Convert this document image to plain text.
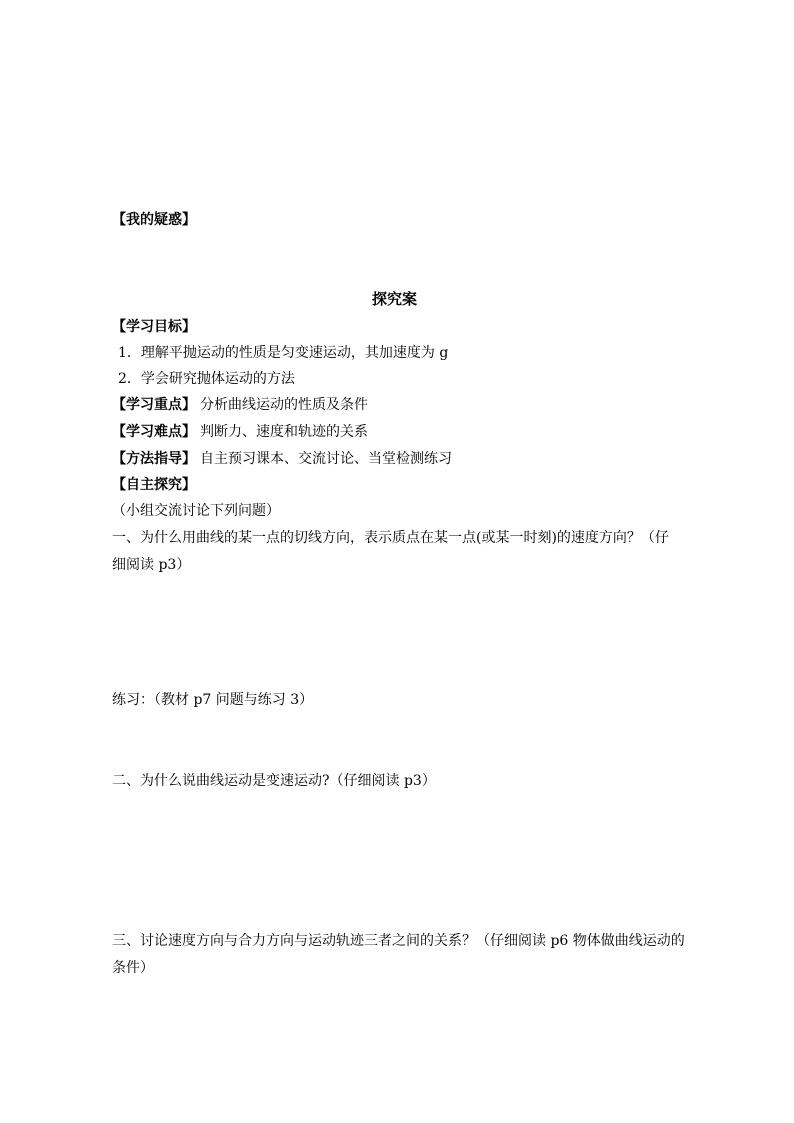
【我的疑惑】
探究案
【学习目标】
1．理解平抛运动的性质是匀变速运动，其加速度为 g
2．学会研究抛体运动的方法
【学习重点】 分析曲线运动的性质及条件
【学习难点】 判断力、速度和轨迹的关系
【方法指导】 自主预习课本、交流讨论、当堂检测练习
【自主探究】
（小组交流讨论下列问题）
一、为什么用曲线的某一点的切线方向，表示质点在某一点(或某一时刻)的速度方向？（仔
细阅读 p3）
练习：（教材 p7 问题与练习 3）
二、为什么说曲线运动是变速运动?（仔细阅读 p3）
三、讨论速度方向与合力方向与运动轨迹三者之间的关系？（仔细阅读 p6 物体做曲线运动的
条件）
